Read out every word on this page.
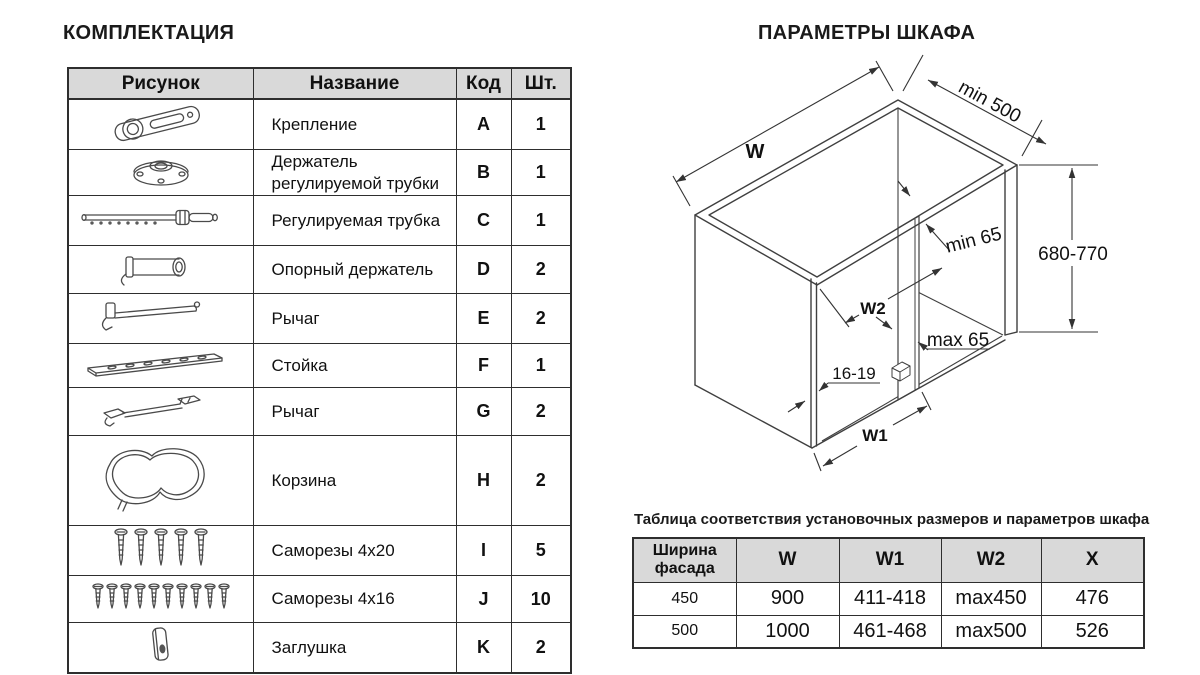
КОМПЛЕКТАЦИЯ	ПАРАМЕТРЫ ШКАФА
Рисунок	Название	Код	Шт.
	Крепление	A	1
	Держатель регулируемой трубки	B	1
	Регулируемая трубка	C	1
	Опорный держатель	D	2
	Рычаг	E	2
	Стойка	F	1
	Рычаг	G	2
	Корзина	H	2
	Саморезы 4x20	I	5
	Саморезы 4x16	J	10
	Заглушка	K	2
W
min 500
680-770
min 65
W2
max 65
16-19
W1
Таблица соответствия установочных размеров и параметров шкафа
Ширина фасада	W	W1	W2	X
450	900	411-418	max450	476
500	1000	461-468	max500	526
